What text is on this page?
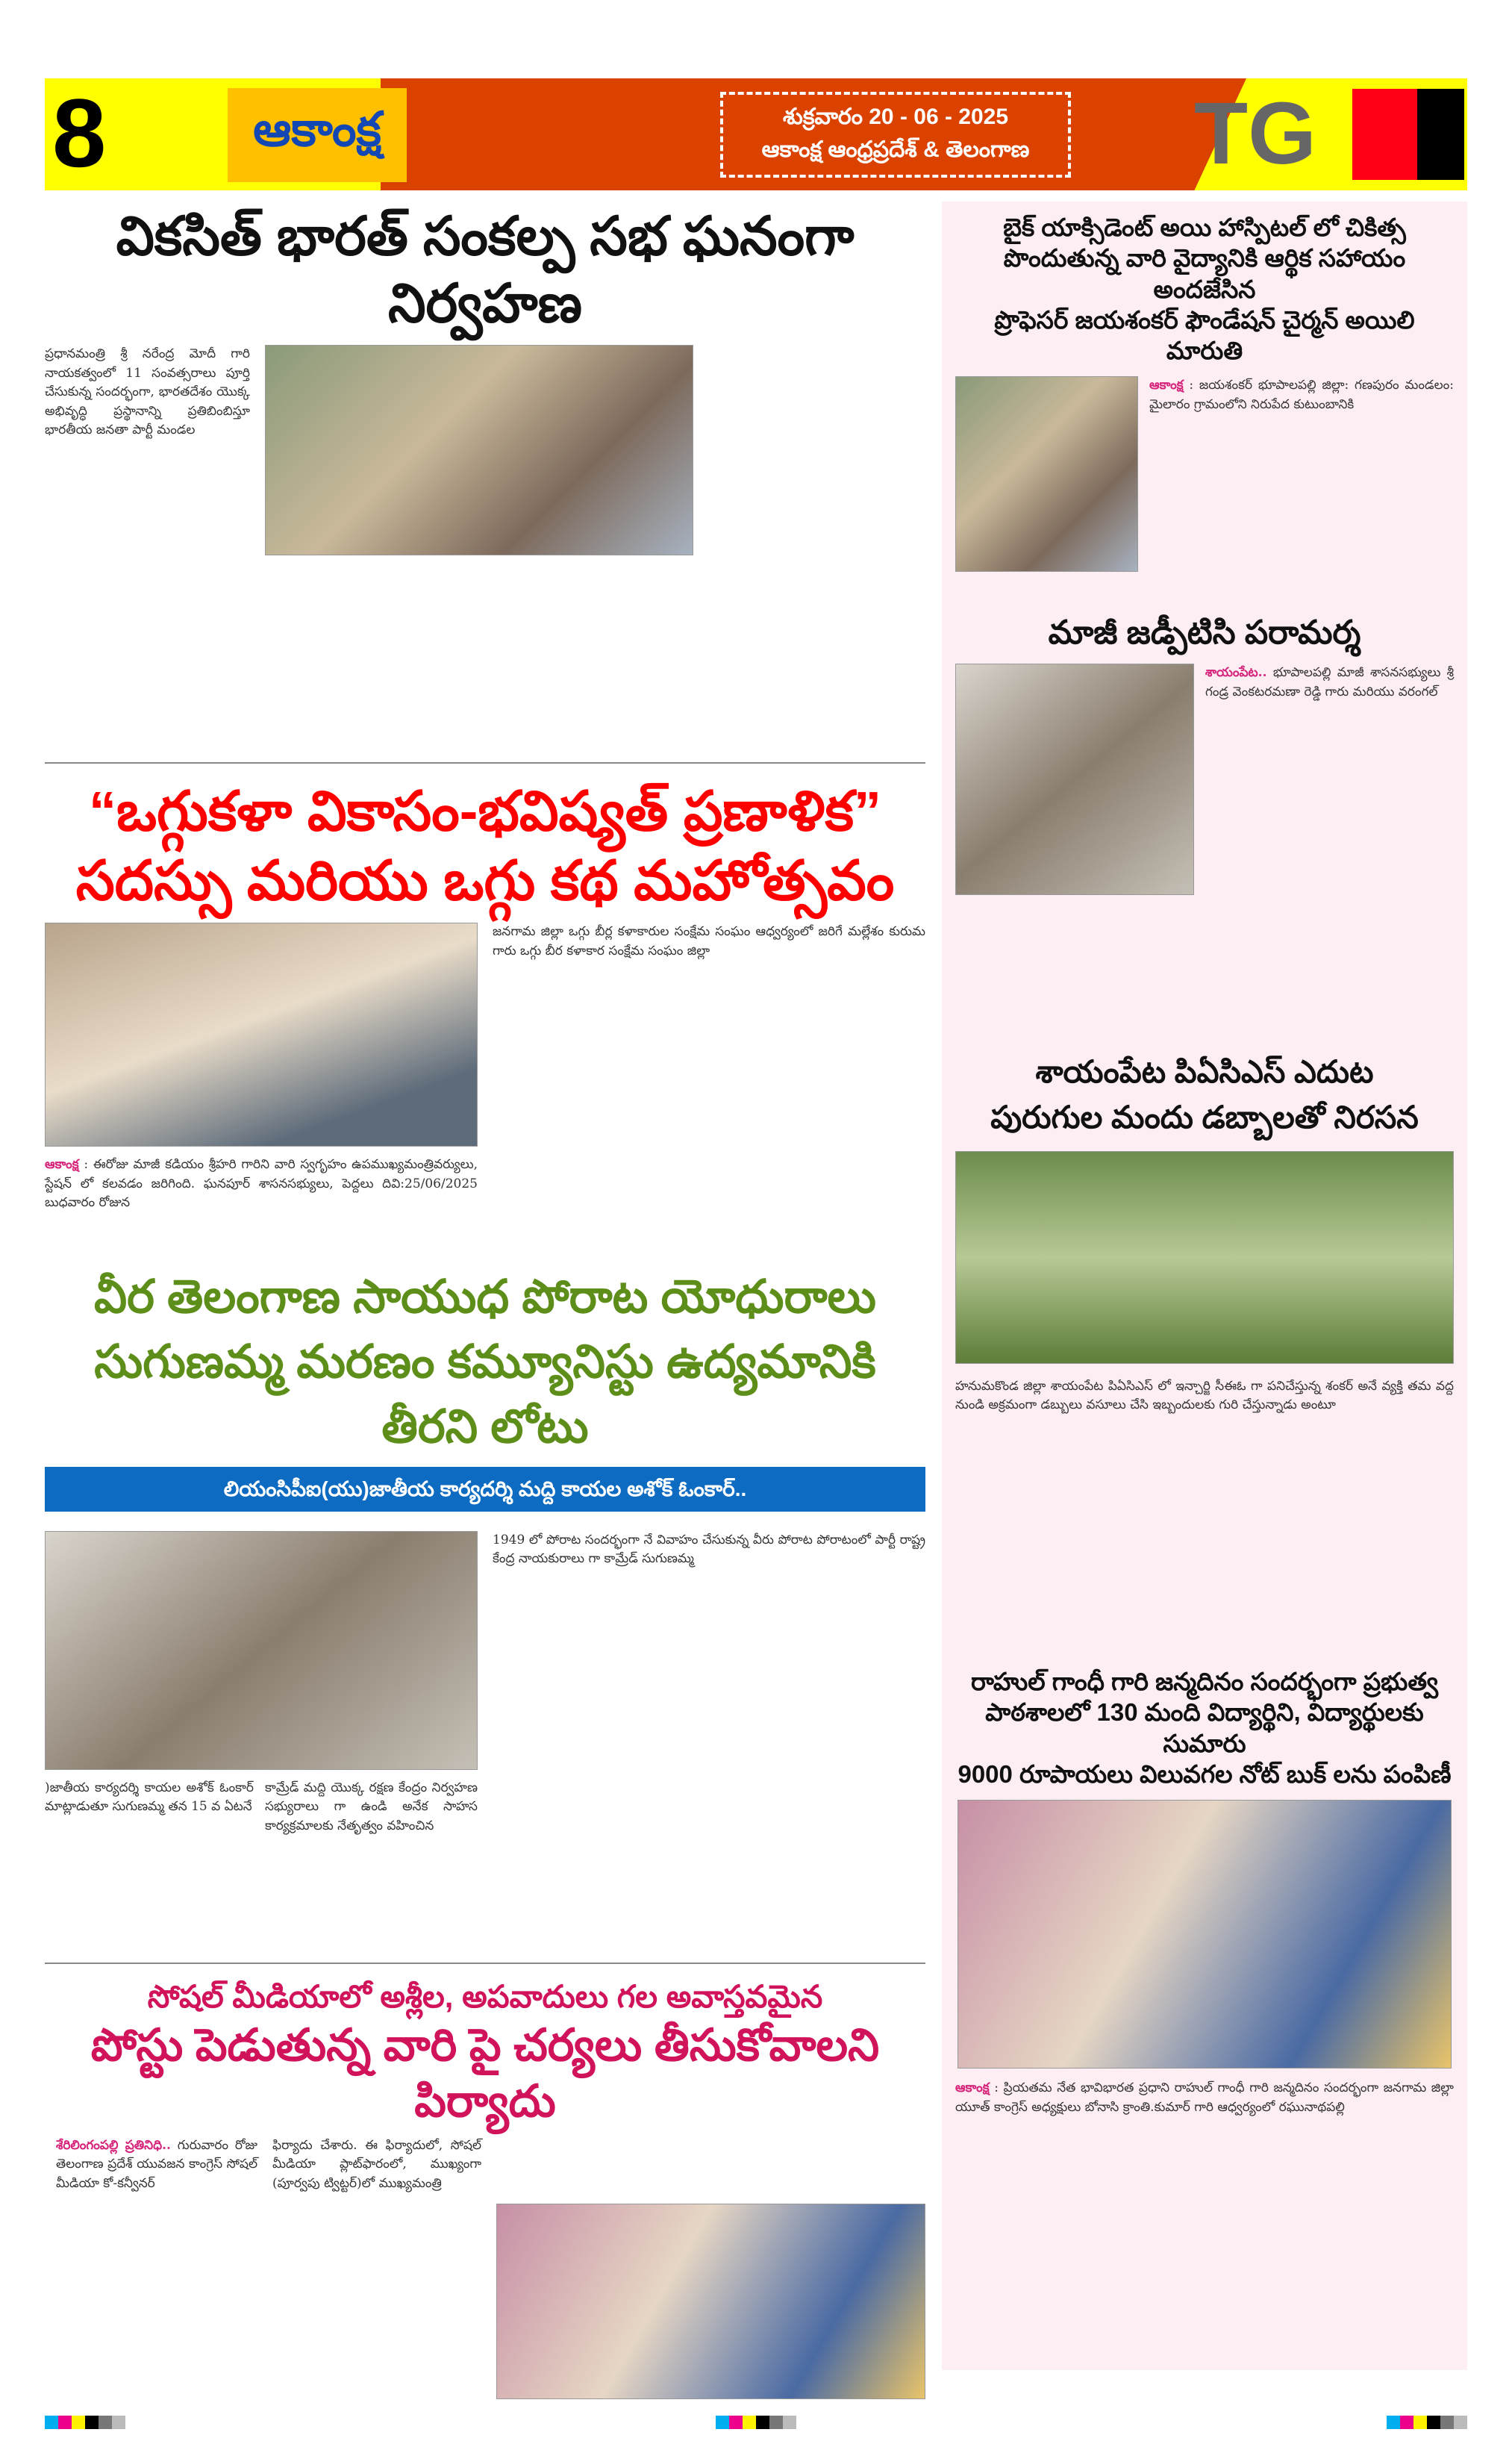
8	ఆకాంక్ష	శుక్రవారం 20 - 06 - 2025
ఆకాంక్ష ఆంధ్రప్రదేశ్ & తెలంగాణ	TG
వికసిత్ భారత్ సంకల్ప సభ ఘనంగా నిర్వహణ
ప్రధానమంత్రి శ్రీ నరేంద్ర మోదీ గారి నాయకత్వంలో 11 సంవత్సరాలు పూర్తి చేసుకున్న సందర్భంగా, భారతదేశం యొక్క అభివృద్ధి ప్రస్థానాన్ని ప్రతిబింబిస్తూ భారతీయ జనతా పార్టీ మండల
“ఒగ్గుకళా వికాసం-భవిష్యత్ ప్రణాళిక”
సదస్సు మరియు ఒగ్గు కథ మహోత్సవం
ఆకాంక్ష : ఈరోజు మాజీ కడియం శ్రీహరి గారిని వారి స్వగృహం ఉపముఖ్యమంత్రివర్యులు, స్టేషన్ లో కలవడం జరిగింది. ఘనపూర్ శాసనసభ్యులు, పెద్దలు దివి:25/06/2025 బుధవారం రోజున
జనగామ జిల్లా ఒగ్గు బీర్ల కళాకారుల సంక్షేమ సంఘం ఆధ్వర్యంలో జరిగే మల్లేశం కురుమ గారు ఒగ్గు బీర కళాకార సంక్షేమ సంఘం జిల్లా
వీర తెలంగాణ సాయుధ పోరాట యోధురాలు
సుగుణమ్మ మరణం కమ్యూనిస్టు ఉద్యమానికి తీరని లోటు
లియంసిపీఐ(యు)జాతీయ కార్యదర్శి మద్ది కాయల అశోక్ ఓంకార్..
)జాతీయ కార్యదర్శి కాయల అశోక్ ఓంకార్ మాట్లాడుతూ సుగుణమ్మ తన 15 వ ఏటనే
కామ్రేడ్ మద్ది యొక్క రక్షణ కేంద్రం నిర్వహణ సభ్యురాలు గా ఉండి అనేక సాహస కార్యక్రమాలకు నేతృత్వం వహించిన
1949 లో పోరాట సందర్భంగా నే వివాహం చేసుకున్న వీరు పోరాట పోరాటంలో పార్టీ రాష్ట్ర కేంద్ర నాయకురాలు గా కామ్రేడ్ సుగుణమ్మ
సోషల్ మీడియాలో అశ్లీల, అపవాదులు గల అవాస్తవమైన
పోస్టు పెడుతున్న వారి పై చర్యలు తీసుకోవాలని పిర్యాదు
శేరిలింగంపల్లి ప్రతినిధి.. గురువారం రోజు తెలంగాణ ప్రదేశ్ యువజన కాంగ్రెస్ సోషల్ మీడియా కో-కన్వీనర్
ఫిర్యాదు చేశారు. ఈ ఫిర్యాదులో, సోషల్ మీడియా ప్లాట్‌ఫారంలో, ముఖ్యంగా (పూర్వపు ట్విట్టర్)లో ముఖ్యమంత్రి
బైక్ యాక్సిడెంట్ అయి హాస్పిటల్ లో చికిత్స
పొందుతున్న వారి వైద్యానికి ఆర్థిక సహాయం అందజేసిన
ప్రొఫెసర్ జయశంకర్ ఫౌండేషన్ చైర్మన్ అయిలి మారుతి
ఆకాంక్ష : జయశంకర్ భూపాలపల్లి జిల్లా: గణపురం మండలం: మైలారం గ్రామంలోని నిరుపేద కుటుంబానికి
మాజీ జడ్పీటిసి పరామర్శ
శాయంపేట.. భూపాలపల్లి మాజీ శాసనసభ్యులు శ్రీ గండ్ర వెంకటరమణా రెడ్డి గారు మరియు వరంగల్
శాయంపేట పిఏసిఎస్ ఎదుట
పురుగుల మందు డబ్బాలతో నిరసన
హనుమకొండ జిల్లా శాయంపేట పిఏసిఎస్ లో ఇన్చార్జి సీఈఓ గా పనిచేస్తున్న శంకర్ అనే వ్యక్తి తమ వద్ద నుండి అక్రమంగా డబ్బులు వసూలు చేసి ఇబ్బందులకు గురి చేస్తున్నాడు అంటూ
రాహుల్ గాంధీ గారి జన్మదినం సందర్భంగా ప్రభుత్వ
పాఠశాలలో 130 మంది విద్యార్థిని, విద్యార్థులకు సుమారు
9000 రూపాయలు విలువగల నోట్ బుక్ లను పంపిణీ
ఆకాంక్ష : ప్రియతమ నేత భావిభారత ప్రధాని రాహుల్ గాంధీ గారి జన్మదినం సందర్భంగా జనగామ జిల్లా యూత్ కాంగ్రెస్ అధ్యక్షులు బోనాసి క్రాంతి.కుమార్ గారి ఆధ్వర్యంలో రఘునాథపల్లి
